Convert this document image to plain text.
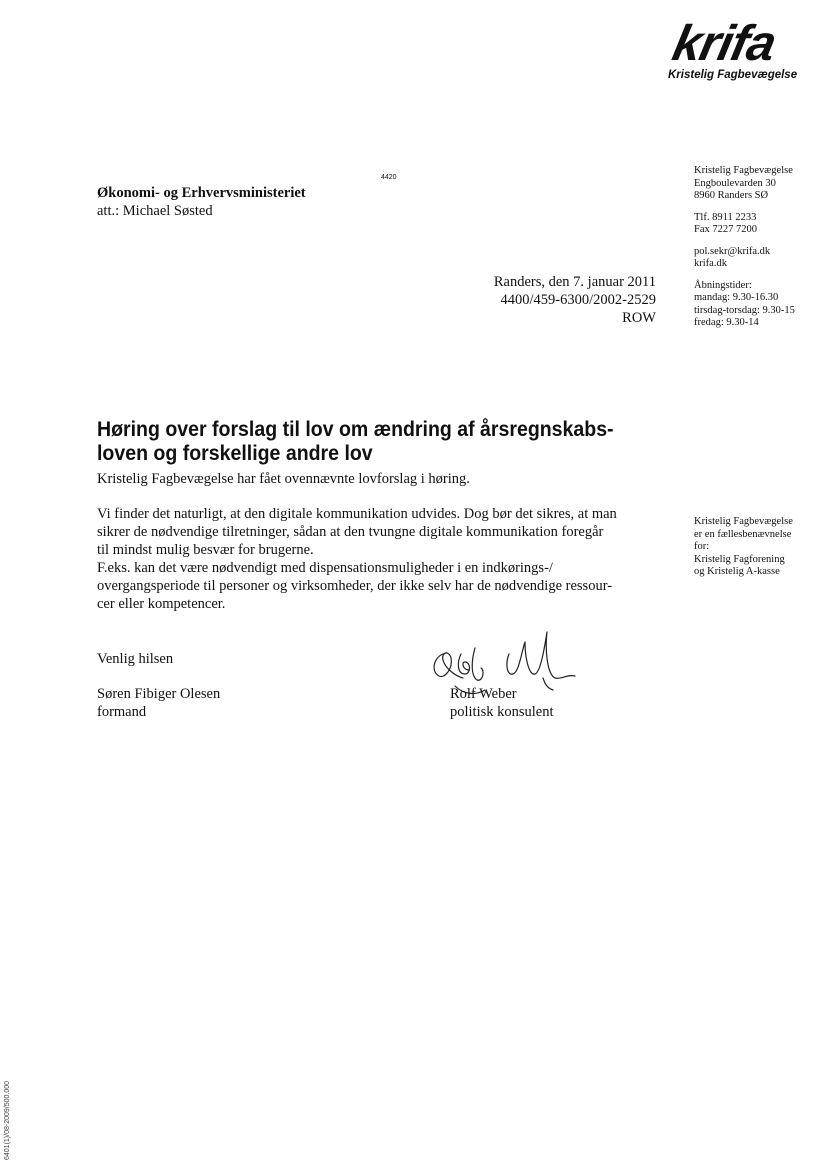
krifa
Kristelig Fagbevægelse
4420
Økonomi- og Erhvervsministeriet
att.: Michael Søsted
Randers, den 7. januar 2011
4400/459-6300/2002-2529
ROW
Kristelig Fagbevægelse
Engboulevarden 30
8960 Randers SØ
Tlf. 8911 2233
Fax 7227 7200
pol.sekr@krifa.dk
krifa.dk
Åbningstider:
mandag: 9.30-16.30
tirsdag-torsdag: 9.30-15
fredag: 9.30-14
Kristelig Fagbevægelse
er en fællesbenævnelse
for:
Kristelig Fagforening
og Kristelig A-kasse
Høring over forslag til lov om ændring af årsregnskabs-
loven og forskellige andre lov
Kristelig Fagbevægelse har fået ovennævnte lovforslag i høring.

Vi finder det naturligt, at den digitale kommunikation udvides. Dog bør det sikres, at man
sikrer de nødvendige tilretninger, sådan at den tvungne digitale kommunikation foregår
til mindst mulig besvær for brugerne.

F.eks. kan det være nødvendigt med dispensationsmuligheder i en indkørings-/
overgangsperiode til personer og virksomheder, der ikke selv har de nødvendige ressour-
cer eller kompetencer.

Venlig hilsen
Søren Fibiger Olesen
formand
Rolf Weber
politisk konsulent
6401(1)/08-2009/500.000
